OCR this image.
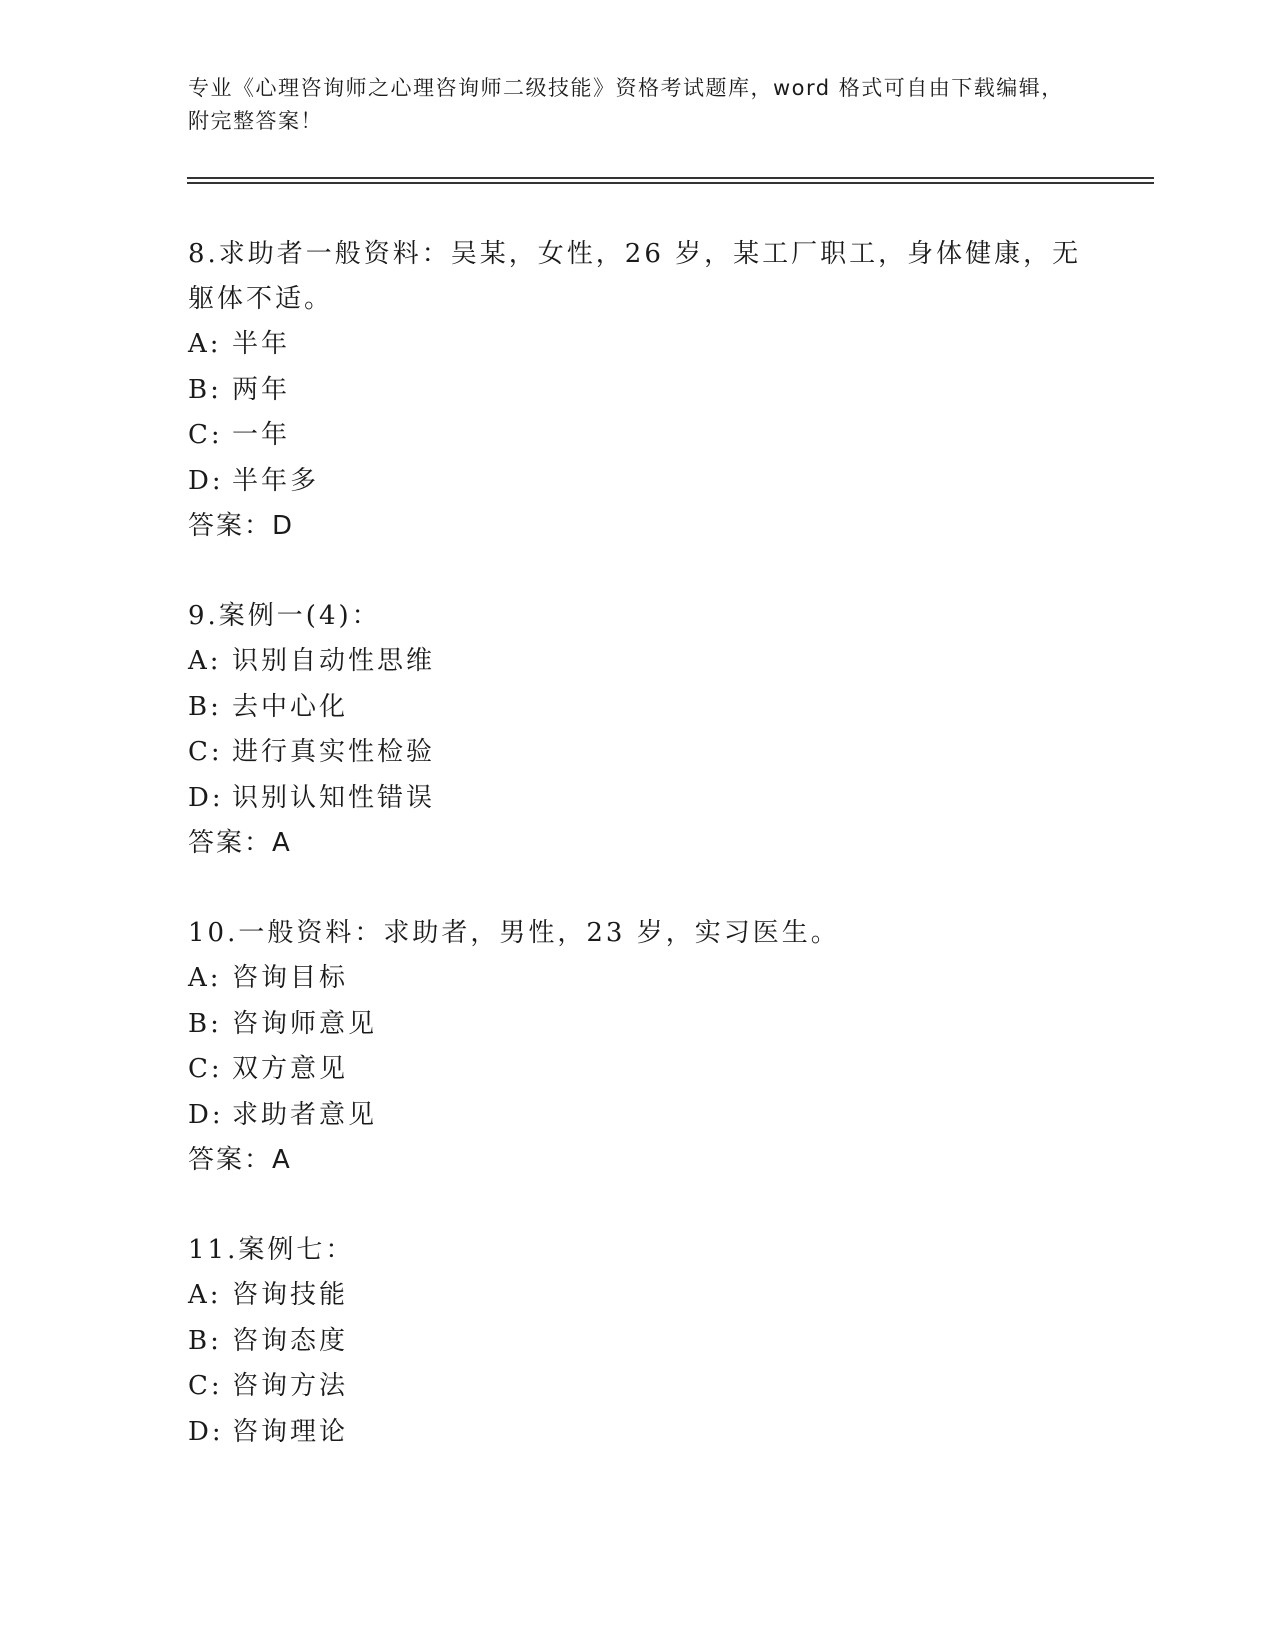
专业《心理咨询师之心理咨询师二级技能》资格考试题库，word 格式可自由下载编辑，附完整答案！
8.求助者一般资料：吴某，女性，26 岁，某工厂职工，身体健康，无躯体不适。
A: 半年
B: 两年
C: 一年
D: 半年多
答案：D
9.案例一(4)：
A: 识别自动性思维
B: 去中心化
C: 进行真实性检验
D: 识别认知性错误
答案：A
10.一般资料：求助者，男性，23 岁，实习医生。
A: 咨询目标
B: 咨询师意见
C: 双方意见
D: 求助者意见
答案：A
11.案例七：
A: 咨询技能
B: 咨询态度
C: 咨询方法
D: 咨询理论
